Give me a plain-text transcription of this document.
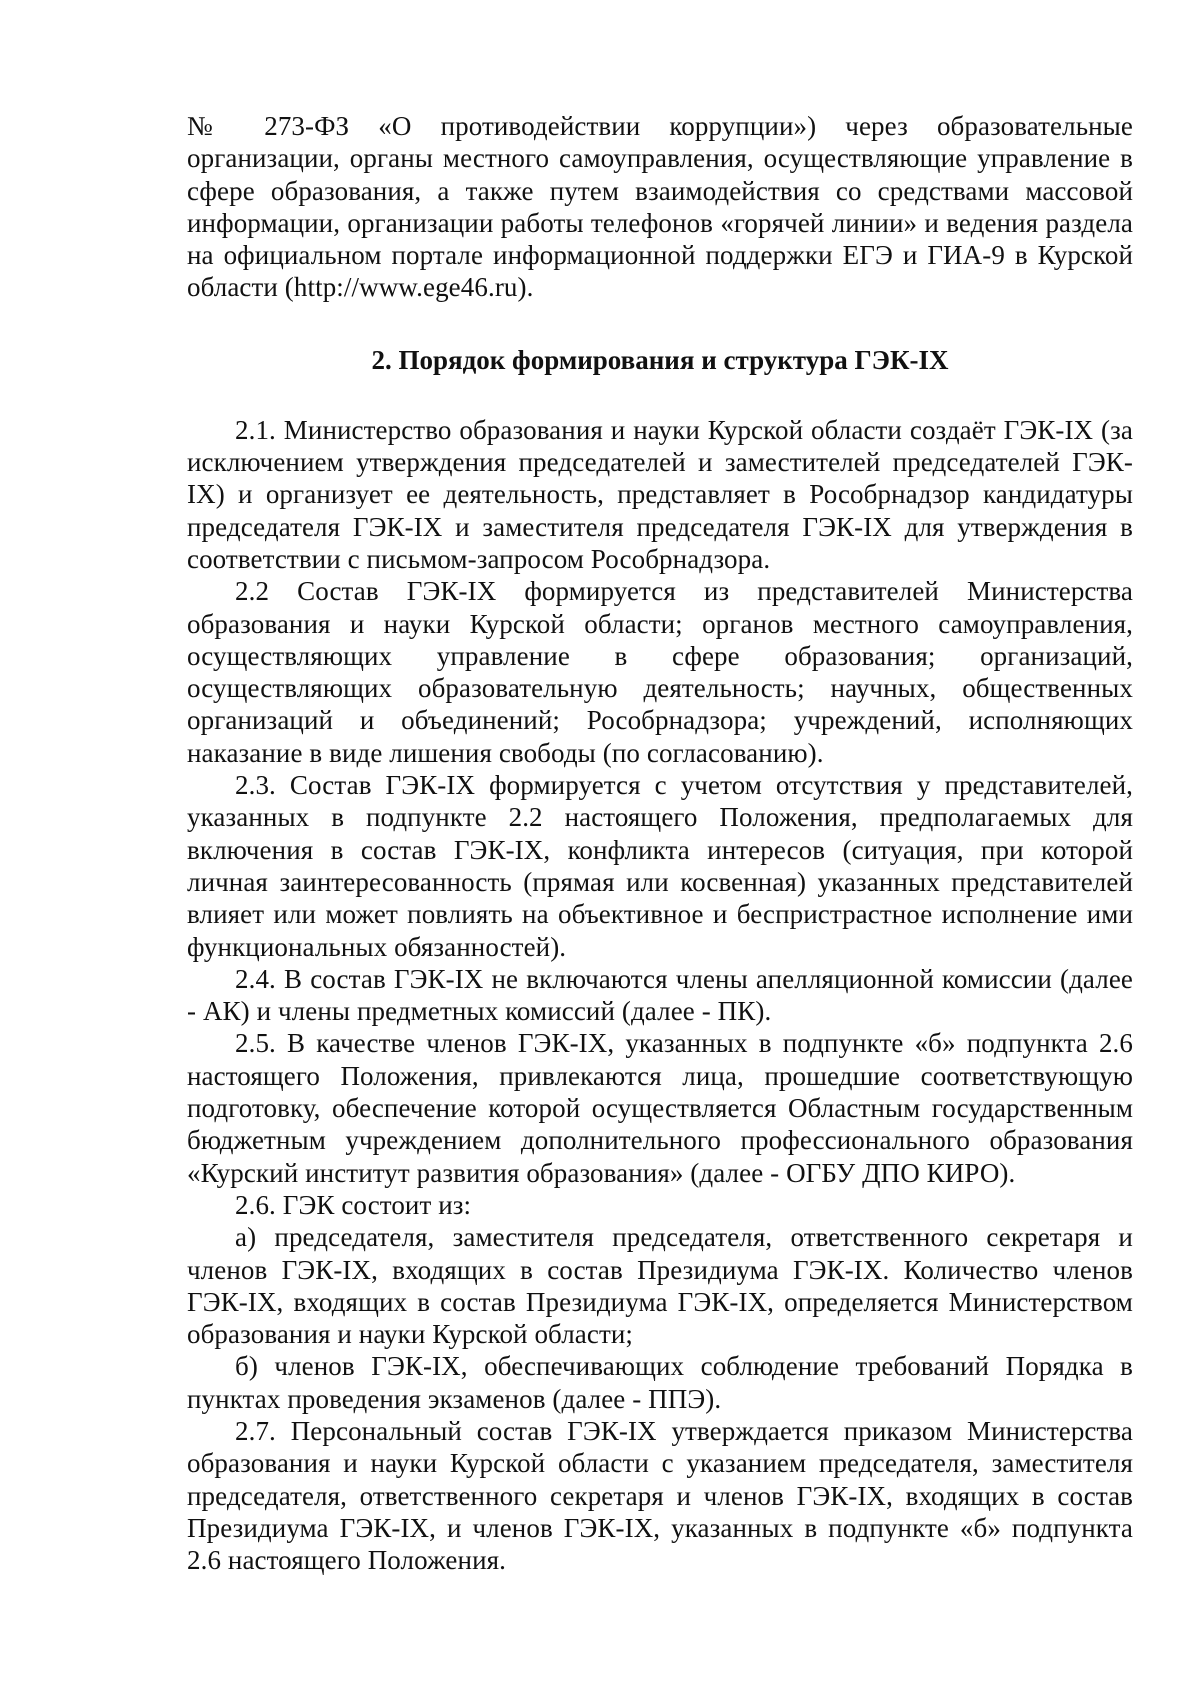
№ 273-ФЗ «О противодействии коррупции») через образовательные организации, органы местного самоуправления, осуществляющие управление в сфере образования, а также путем взаимодействия со средствами массовой информации, организации работы телефонов «горячей линии» и ведения раздела на официальном портале информационной поддержки ЕГЭ и ГИА-9 в Курской области (http://www.ege46.ru).

2. Порядок формирования и структура ГЭК-IX

2.1. Министерство образования и науки Курской области создаёт ГЭК-IX (за исключением утверждения председателей и заместителей председателей ГЭК-IX) и организует ее деятельность, представляет в Рособрнадзор кандидатуры председателя ГЭК-IX и заместителя председателя ГЭК-IX для утверждения в соответствии с письмом-запросом Рособрнадзора.

2.2 Состав ГЭК-IX формируется из представителей Министерства образования и науки Курской области; органов местного самоуправления, осуществляющих управление в сфере образования; организаций, осуществляющих образовательную деятельность; научных, общественных организаций и объединений; Рособрнадзора; учреждений, исполняющих наказание в виде лишения свободы (по согласованию).

2.3. Состав ГЭК-IX формируется с учетом отсутствия у представителей, указанных в подпункте 2.2 настоящего Положения, предполагаемых для включения в состав ГЭК-IX, конфликта интересов (ситуация, при которой личная заинтересованность (прямая или косвенная) указанных представителей влияет или может повлиять на объективное и беспристрастное исполнение ими функциональных обязанностей).

2.4. В состав ГЭК-IX не включаются члены апелляционной комиссии (далее - АК) и члены предметных комиссий (далее - ПК).

2.5. В качестве членов ГЭК-IX, указанных в подпункте «б» подпункта 2.6 настоящего Положения, привлекаются лица, прошедшие соответствующую подготовку, обеспечение которой осуществляется Областным государственным бюджетным учреждением дополнительного профессионального образования «Курский институт развития образования» (далее - ОГБУ ДПО КИРО).

2.6. ГЭК состоит из:

а) председателя, заместителя председателя, ответственного секретаря и членов ГЭК-IX, входящих в состав Президиума ГЭК-IX. Количество членов ГЭК-IX, входящих в состав Президиума ГЭК-IX, определяется Министерством образования и науки Курской области;

б) членов ГЭК-IX, обеспечивающих соблюдение требований Порядка в пунктах проведения экзаменов (далее - ППЭ).

2.7. Персональный состав ГЭК-IX утверждается приказом Министерства образования и науки Курской области с указанием председателя, заместителя председателя, ответственного секретаря и членов ГЭК-IX, входящих в состав Президиума ГЭК-IX, и членов ГЭК-IX, указанных в подпункте «б» подпункта 2.6 настоящего Положения.
